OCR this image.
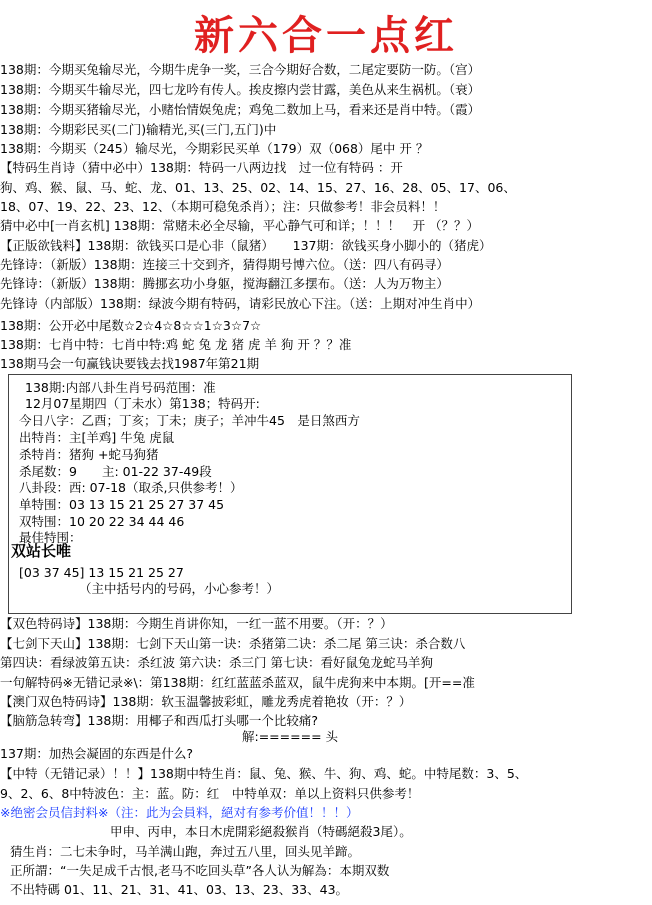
新六合一点红
138期：今期买兔输尽光，今期牛虎争一奖，三合今期好合数，二尾定要防一防。（宫）
138期：今期买牛输尽光，四七龙吟有传人。挨皮擦内尝甘露，美色从来生祸机。（衰）
138期：今期买猪输尽光，小赌怡情娱兔虎；鸡兔二数加上马，看来还是肖中特。（霞）
138期：今期彩民买(二门)输精光,买(三门,五门)中
138期：今期买（245）输尽光，今期彩民买单（179）双（068）尾中 开 ？
【特码生肖诗（猜中必中）138期：特码一八两边找　过一位有特码 ：开
狗、鸡、猴、鼠、马、蛇、龙、01、13、25、02、14、15、27、16、28、05、17、06、
18、07、19、22、23、12、（本期可稳兔杀肖）；注：只做参考！非会员料！！
猜中必中[一肖玄机] 138期：常赌未必全尽输，平心静气可和详；！！！　开 （？？）
【正版欲钱料】138期：欲钱买口是心非（鼠猪）　　137期：欲钱买身小脚小的（猪虎）
先锋诗：（新版）138期：连接三十交到齐，猜得期号博六位。（送：四八有码寻）
先锋诗：（新版）138期：腾挪玄功小身躯，搅海翻江多摆布。（送：人为万物主）
先锋诗（内部版）138期：绿波今期有特码，请彩民放心下注。（送：上期对冲生肖中）
138期：公开必中尾数☆2☆4☆8☆☆1☆3☆7☆
138期：七肖中特：七肖中特:鸡 蛇 兔 龙 猪 虎 羊 狗 开 ？？准
138期马会一句赢钱诀要钱去找1987年第21期
138期:内部八卦生肖号码范围：准
12月07星期四（丁未水）第138；特码开:
今日八字：乙酉；丁亥；丁未；庚子；羊冲牛45　是日煞西方
出特肖：主[羊鸡] 牛兔 虎鼠
杀特肖：猪狗 +蛇马狗猪
杀尾数：9　　主: 01-22 37-49段
八卦段：西: 07-18（取杀,只供参考！）
单特围：03 13 15 21 25 27 37 45
双特围：10 20 22 34 44 46
最佳特围：
双站长唯
[03 37 45] 13 15 21 25 27
（主中括号内的号码，小心参考！）
【双色特码诗】138期：今期生肖讲你知，一红一蓝不用要。（开：？）
【七剑下天山】138期：七剑下天山第一诀：杀猪第二诀：杀二尾 第三诀：杀合数八
第四诀：看绿波第五诀：杀红波 第六诀：杀三门 第七诀：看好鼠兔龙蛇马羊狗
一句解特码※无错记录※\：第138期：红红蓝蓝杀蓝双，鼠牛虎狗来中本期。[开==准
【澳门双色特码诗】138期：软玉温馨披彩虹，雕龙秀虎着艳妆（开：？）
【脑筋急转弯】138期：用椰子和西瓜打头哪一个比较痛?
解:====== 头
137期：加热会凝固的东西是什么?
【中特（无错记录）！！】138期中特生肖：鼠、兔、猴、牛、狗、鸡、蛇。中特尾数：3、5、
9、2、6、8中特波色：主：蓝。防：红　中特单双：单以上资料只供参考！
※绝密会员信封料※（注：此为会員料，絕对有参考价值！！！）
甲申、丙申，本日木虎開彩絕殺猴肖（特碼絕殺3尾）。
猜生肖：二七未争时，马羊满山跑，奔过五八里，回头见羊蹄。
正所謂：“一失足成千古恨,老马不吃回头草”各人认为解為：本期双数
不出特碼 01、11、21、31、41、03、13、23、33、43。
